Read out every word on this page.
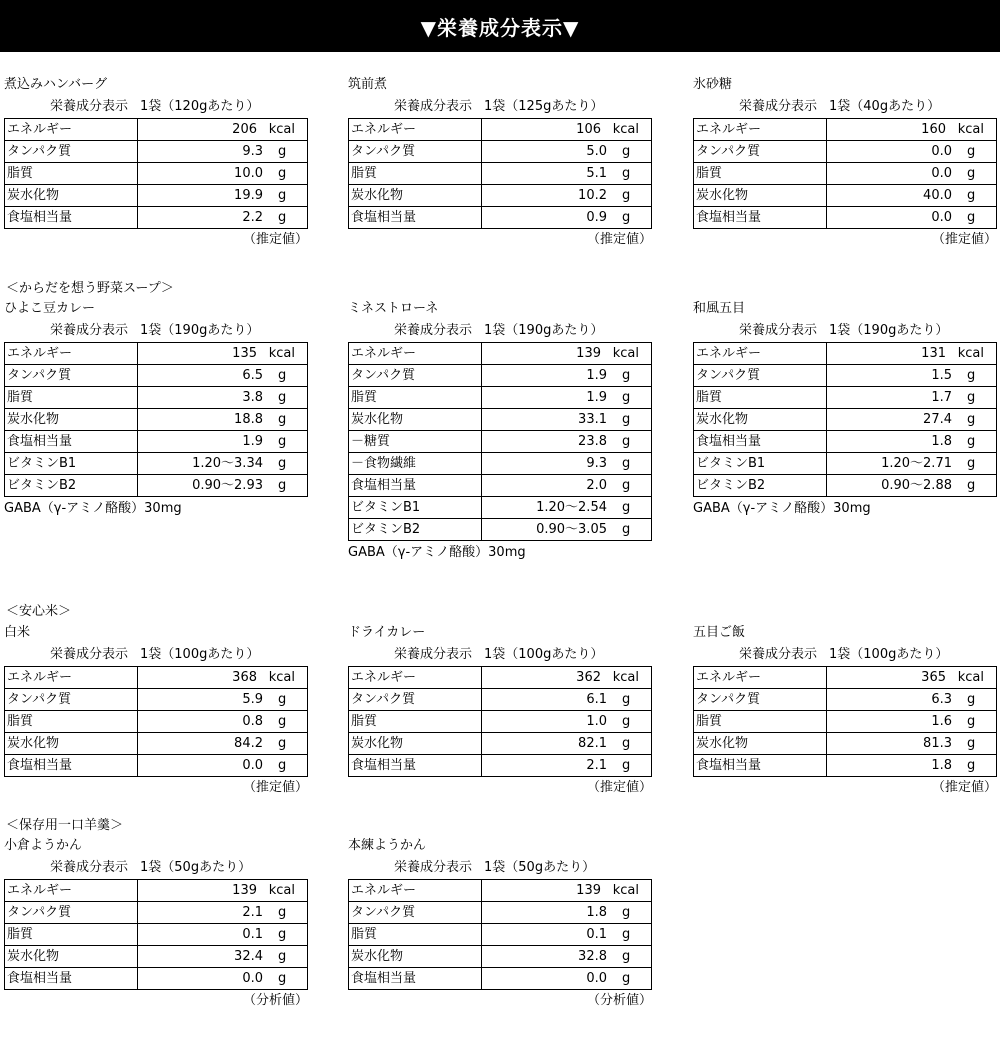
▼栄養成分表示▼
煮込みハンバーグ
栄養成分表示 1袋（120gあたり）
エネルギー	206 kcal

タンパク質	9.3 g

脂質	10.0 g

炭水化物	19.9 g

食塩相当量	2.2 g
（推定値）
筑前煮
栄養成分表示 1袋（125gあたり）
エネルギー	106 kcal

タンパク質	5.0 g

脂質	5.1 g

炭水化物	10.2 g

食塩相当量	0.9 g
（推定値）
氷砂糖
栄養成分表示 1袋（40gあたり）
エネルギー	160 kcal

タンパク質	0.0 g

脂質	0.0 g

炭水化物	40.0 g

食塩相当量	0.0 g
（推定値）
＜からだを想う野菜スープ＞
ひよこ豆カレー
栄養成分表示 1袋（190gあたり）
エネルギー	135 kcal

タンパク質	6.5 g

脂質	3.8 g

炭水化物	18.8 g

食塩相当量	1.9 g

ビタミンB1	1.20～3.34 g

ビタミンB2	0.90～2.93 g
GABA（γ-アミノ酪酸）30mg
ミネストローネ
栄養成分表示 1袋（190gあたり）
エネルギー	139 kcal

タンパク質	1.9 g

脂質	1.9 g

炭水化物	33.1 g

－糖質	23.8 g

－食物繊維	9.3 g

食塩相当量	2.0 g

ビタミンB1	1.20～2.54 g

ビタミンB2	0.90～3.05 g
GABA（γ-アミノ酪酸）30mg
和風五目
栄養成分表示 1袋（190gあたり）
エネルギー	131 kcal

タンパク質	1.5 g

脂質	1.7 g

炭水化物	27.4 g

食塩相当量	1.8 g

ビタミンB1	1.20～2.71 g

ビタミンB2	0.90～2.88 g
GABA（γ-アミノ酪酸）30mg
＜安心米＞
白米
栄養成分表示 1袋（100gあたり）
エネルギー	368 kcal

タンパク質	5.9 g

脂質	0.8 g

炭水化物	84.2 g

食塩相当量	0.0 g
（推定値）
ドライカレー
栄養成分表示 1袋（100gあたり）
エネルギー	362 kcal

タンパク質	6.1 g

脂質	1.0 g

炭水化物	82.1 g

食塩相当量	2.1 g
（推定値）
五目ご飯
栄養成分表示 1袋（100gあたり）
エネルギー	365 kcal

タンパク質	6.3 g

脂質	1.6 g

炭水化物	81.3 g

食塩相当量	1.8 g
（推定値）
＜保存用一口羊羹＞
小倉ようかん
栄養成分表示 1袋（50gあたり）
エネルギー	139 kcal

タンパク質	2.1 g

脂質	0.1 g

炭水化物	32.4 g

食塩相当量	0.0 g
（分析値）
本練ようかん
栄養成分表示 1袋（50gあたり）
エネルギー	139 kcal

タンパク質	1.8 g

脂質	0.1 g

炭水化物	32.8 g

食塩相当量	0.0 g
（分析値）
